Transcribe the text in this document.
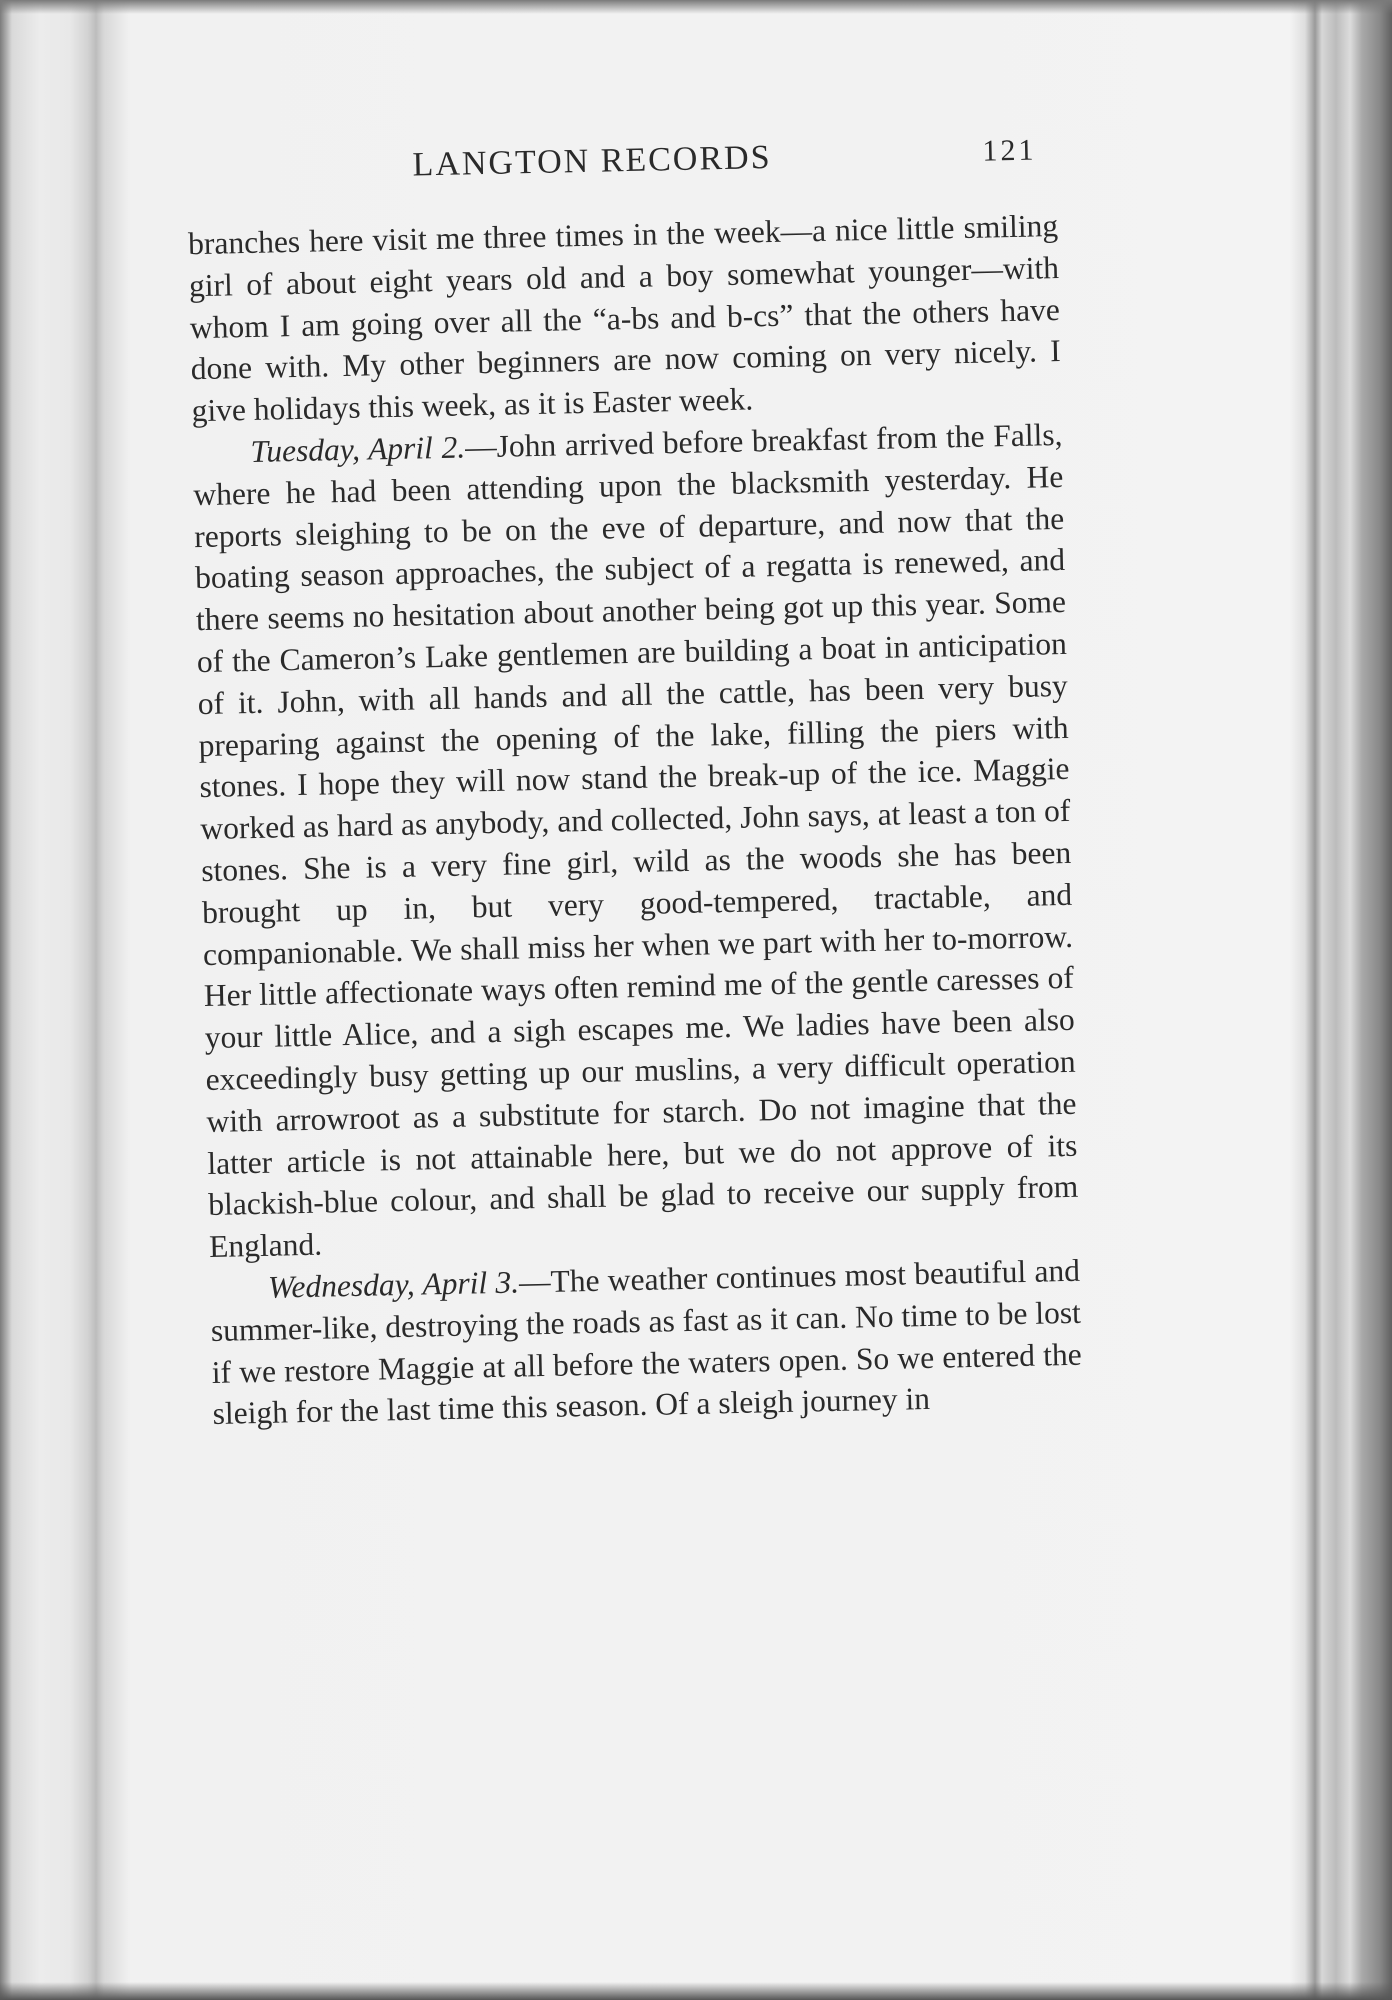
LANGTON RECORDS	121

branches here visit me three times in the week—a nice little smiling girl of about eight years old and a boy somewhat younger—with whom I am going over all the “a-bs and b-cs” that the others have done with. My other beginners are now coming on very nicely. I give holidays this week, as it is Easter week.

Tuesday, April 2.—John arrived before breakfast from the Falls, where he had been attending upon the blacksmith yesterday. He reports sleighing to be on the eve of departure, and now that the boating season approaches, the subject of a regatta is renewed, and there seems no hesitation about another being got up this year. Some of the Cameron’s Lake gentlemen are building a boat in anticipation of it. John, with all hands and all the cattle, has been very busy preparing against the opening of the lake, filling the piers with stones. I hope they will now stand the break-up of the ice. Maggie worked as hard as anybody, and collected, John says, at least a ton of stones. She is a very fine girl, wild as the woods she has been brought up in, but very good-tempered, tractable, and companionable. We shall miss her when we part with her to-morrow. Her little affectionate ways often remind me of the gentle caresses of your little Alice, and a sigh escapes me. We ladies have been also exceedingly busy getting up our muslins, a very difficult operation with arrowroot as a substitute for starch. Do not imagine that the latter article is not attainable here, but we do not approve of its blackish-blue colour, and shall be glad to receive our supply from England.

Wednesday, April 3.—The weather continues most beautiful and summer-like, destroying the roads as fast as it can. No time to be lost if we restore Maggie at all before the waters open. So we entered the sleigh for the last time this season. Of a sleigh journey in
